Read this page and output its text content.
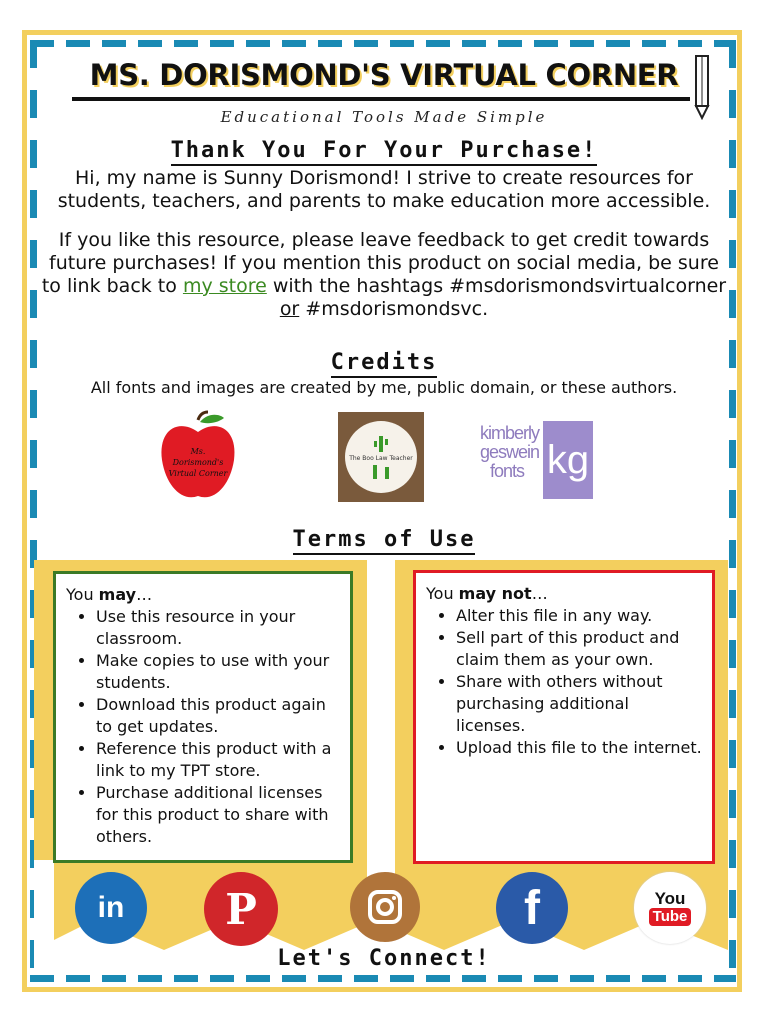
MS. DORISMOND'S VIRTUAL CORNER
Educational Tools Made Simple
Thank You For Your Purchase!
Hi, my name is Sunny Dorismond! I strive to create resources for students, teachers, and parents to make education more accessible.
If you like this resource, please leave feedback to get credit towards future purchases! If you mention this product on social media, be sure to link back to my store with the hashtags #msdorismondsvirtualcorner or #msdorismondsvc.
Credits
All fonts and images are created by me, public domain, or these authors.
Ms. Dorismond's
Virtual Corner
The Boo Law Teacher
kimberly
geswein
fonts kg
Terms of Use
You may…
• Use this resource in your classroom.
• Make copies to use with your students.
• Download this product again to get updates.
• Reference this product with a link to my TPT store.
• Purchase additional licenses for this product to share with others.
You may not…
• Alter this file in any way.
• Sell part of this product and claim them as your own.
• Share with others without purchasing additional licenses.
• Upload this file to the internet.
in P	f	You
Tube
Let's Connect!
